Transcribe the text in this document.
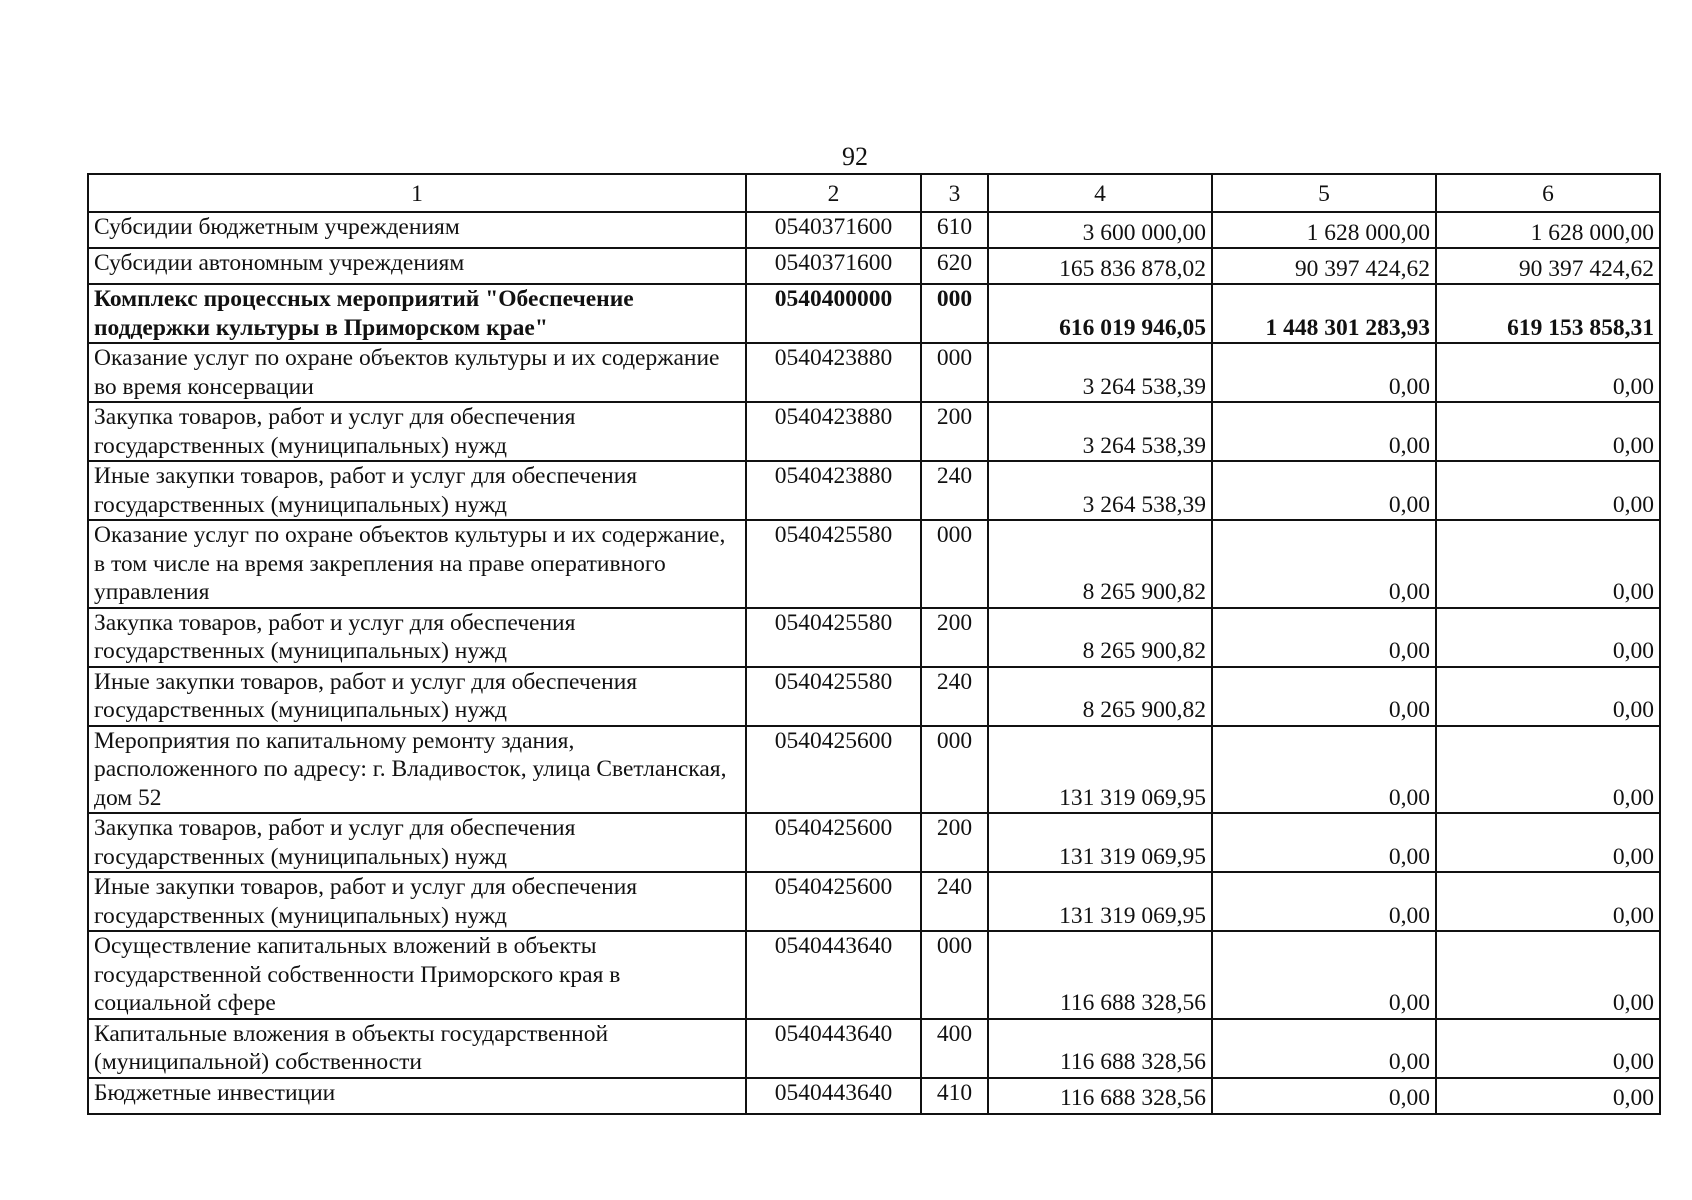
92
1	2	3	4	5	6
Субсидии бюджетным учреждениям	0540371600	610	3 600 000,00	1 628 000,00	1 628 000,00
Субсидии автономным учреждениям	0540371600	620	165 836 878,02	90 397 424,62	90 397 424,62
Комплекс процессных мероприятий "Обеспечение поддержки культуры в Приморском крае"	0540400000	000	616 019 946,05	1 448 301 283,93	619 153 858,31
Оказание услуг по охране объектов культуры и их содержание во время консервации	0540423880	000	3 264 538,39	0,00	0,00
Закупка товаров, работ и услуг для обеспечения государственных (муниципальных) нужд	0540423880	200	3 264 538,39	0,00	0,00
Иные закупки товаров, работ и услуг для обеспечения государственных (муниципальных) нужд	0540423880	240	3 264 538,39	0,00	0,00
Оказание услуг по охране объектов культуры и их содержание, в том числе на время закрепления на праве оперативного управления	0540425580	000	8 265 900,82	0,00	0,00
Закупка товаров, работ и услуг для обеспечения государственных (муниципальных) нужд	0540425580	200	8 265 900,82	0,00	0,00
Иные закупки товаров, работ и услуг для обеспечения государственных (муниципальных) нужд	0540425580	240	8 265 900,82	0,00	0,00
Мероприятия по капитальному ремонту здания, расположенного по адресу: г. Владивосток, улица Светланская, дом 52	0540425600	000	131 319 069,95	0,00	0,00
Закупка товаров, работ и услуг для обеспечения государственных (муниципальных) нужд	0540425600	200	131 319 069,95	0,00	0,00
Иные закупки товаров, работ и услуг для обеспечения государственных (муниципальных) нужд	0540425600	240	131 319 069,95	0,00	0,00
Осуществление капитальных вложений в объекты государственной собственности Приморского края в социальной сфере	0540443640	000	116 688 328,56	0,00	0,00
Капитальные вложения в объекты государственной (муниципальной) собственности	0540443640	400	116 688 328,56	0,00	0,00
Бюджетные инвестиции	0540443640	410	116 688 328,56	0,00	0,00
